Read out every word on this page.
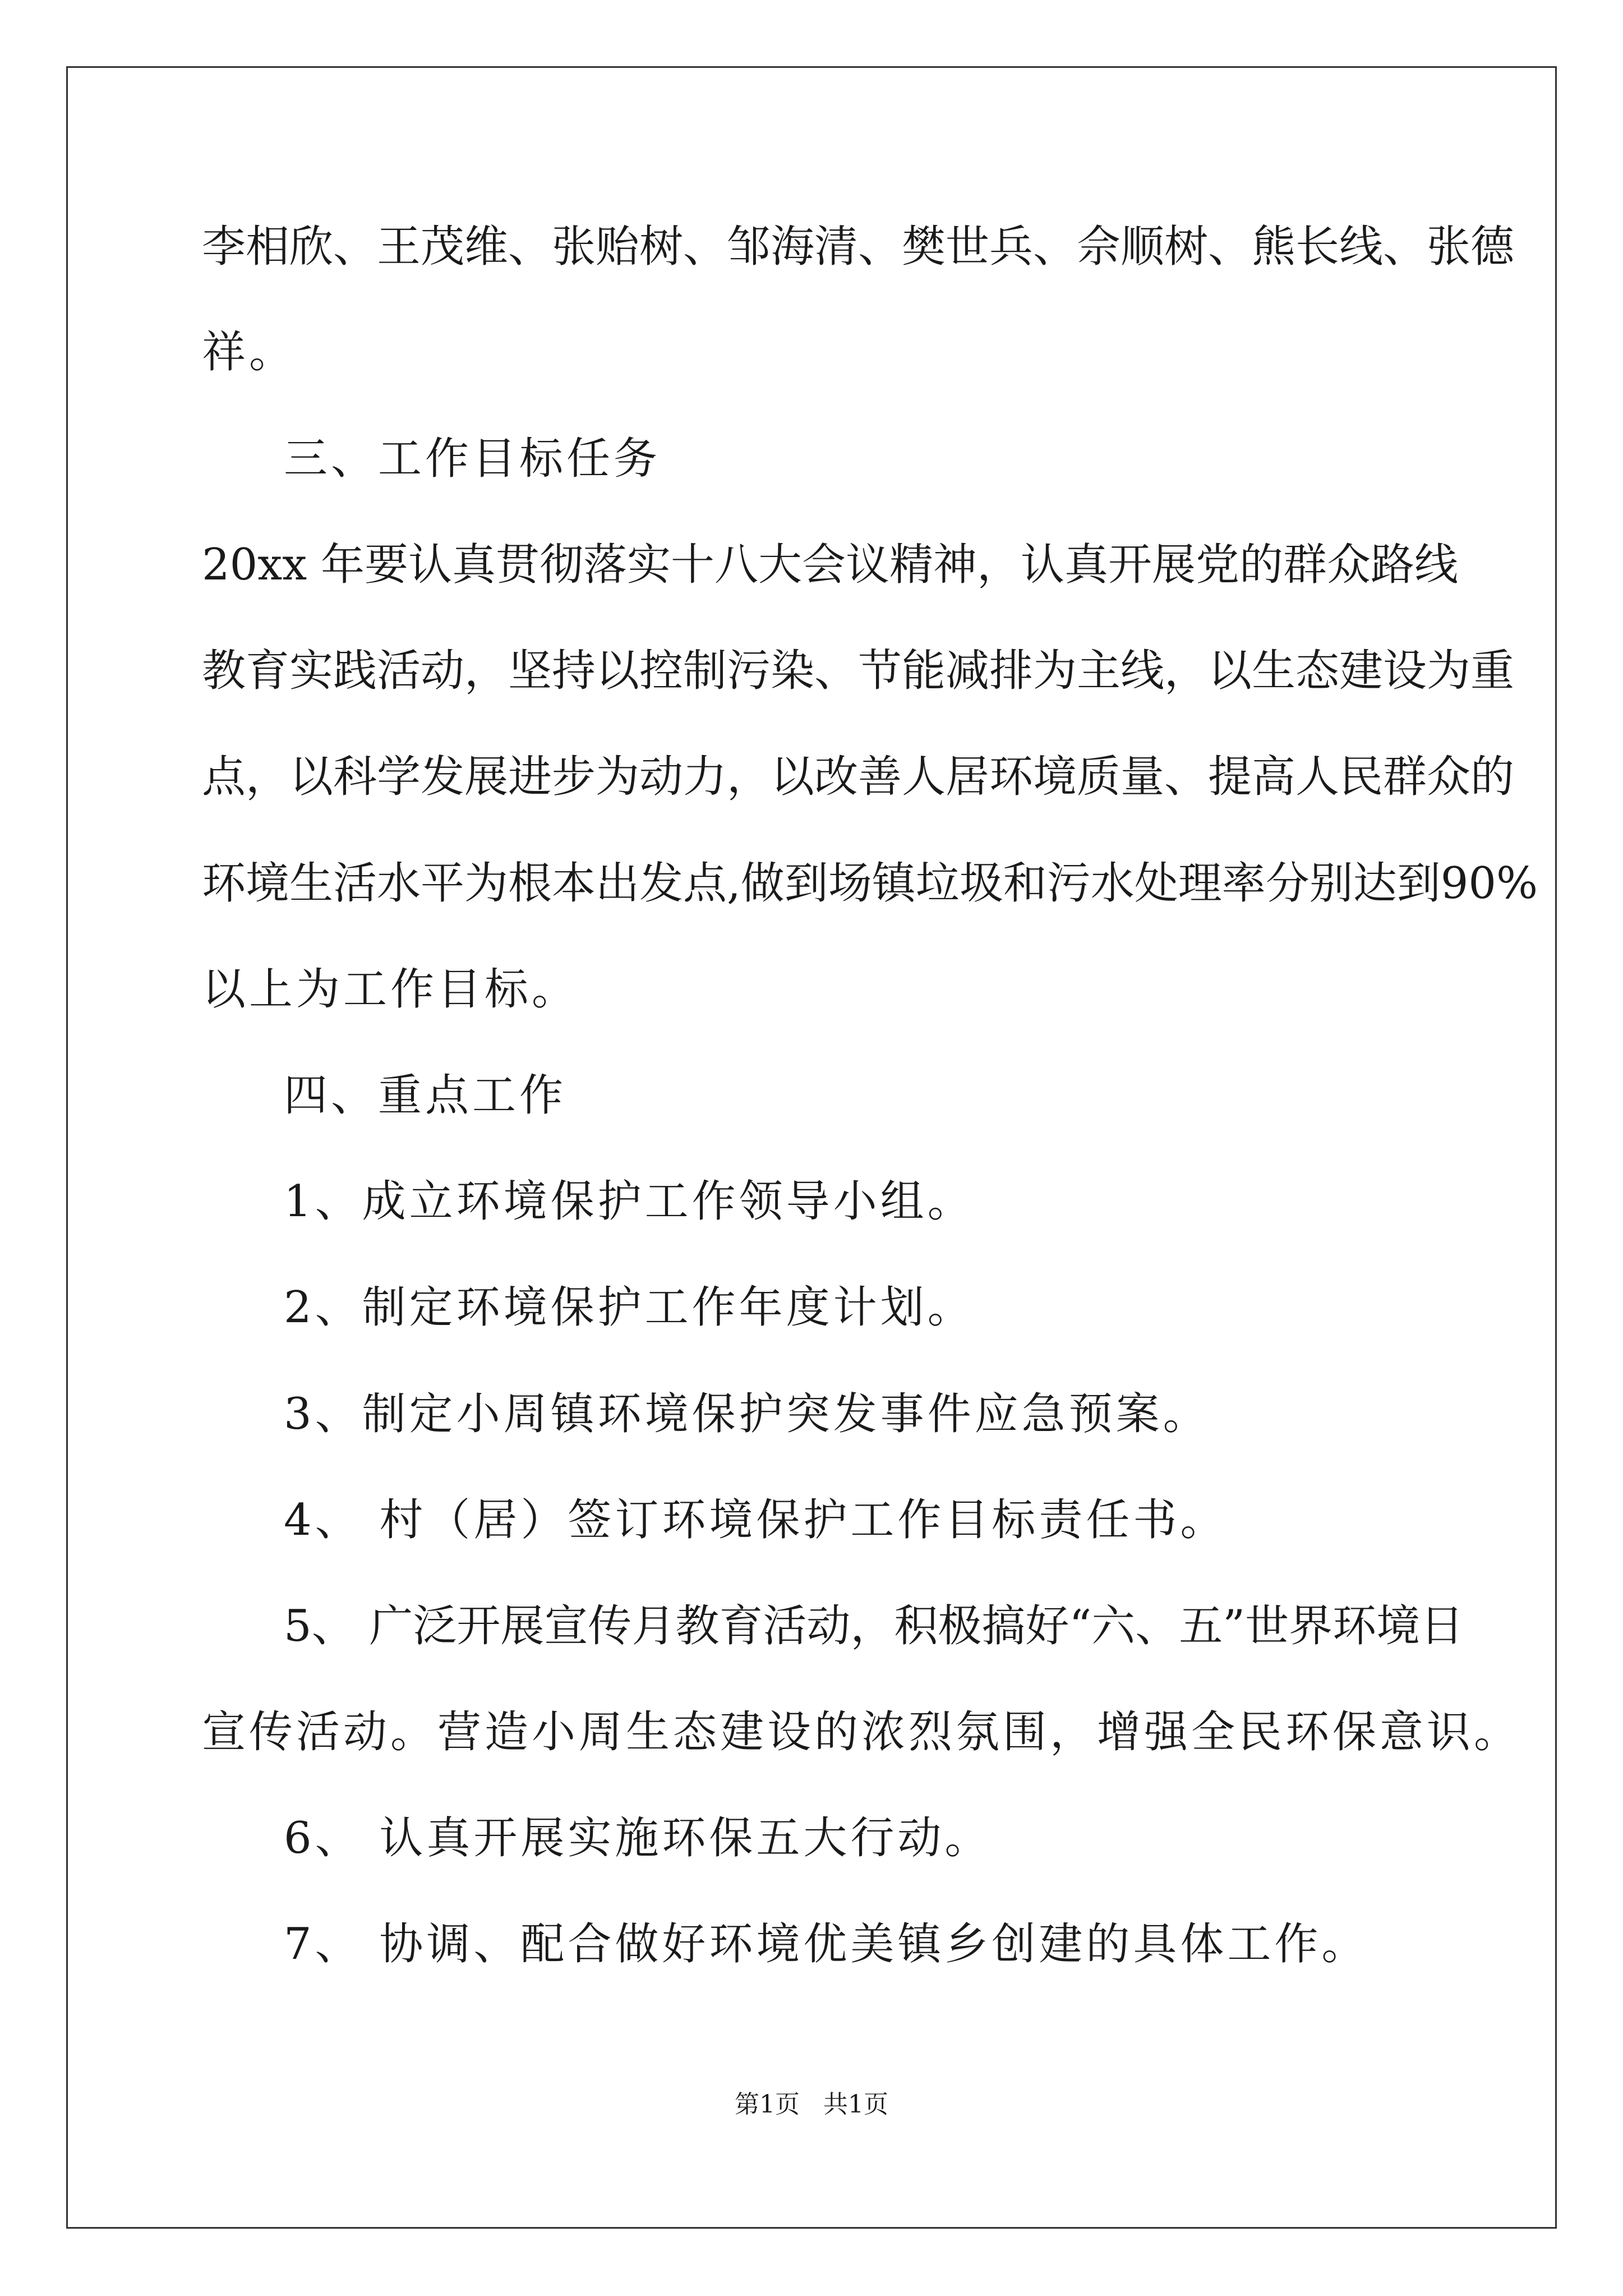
李相欣、王茂维、张贻树、邹海清、樊世兵、佘顺树、熊长线、张德
祥。
三、工作目标任务
20xx 年要认真贯彻落实十八大会议精神，认真开展党的群众路线
教育实践活动，坚持以控制污染、节能减排为主线，以生态建设为重
点，以科学发展进步为动力，以改善人居环境质量、提高人民群众的
环境生活水平为根本出发点,做到场镇垃圾和污水处理率分别达到90%
以上为工作目标。
四、重点工作
1、成立环境保护工作领导小组。
2、制定环境保护工作年度计划。
3、制定小周镇环境保护突发事件应急预案。
4、 村（居）签订环境保护工作目标责任书。
5、 广泛开展宣传月教育活动，积极搞好“六、五”世界环境日
宣传活动。营造小周生态建设的浓烈氛围，增强全民环保意识。
6、 认真开展实施环保五大行动。
7、 协调、配合做好环境优美镇乡创建的具体工作。
第1页 共1页
